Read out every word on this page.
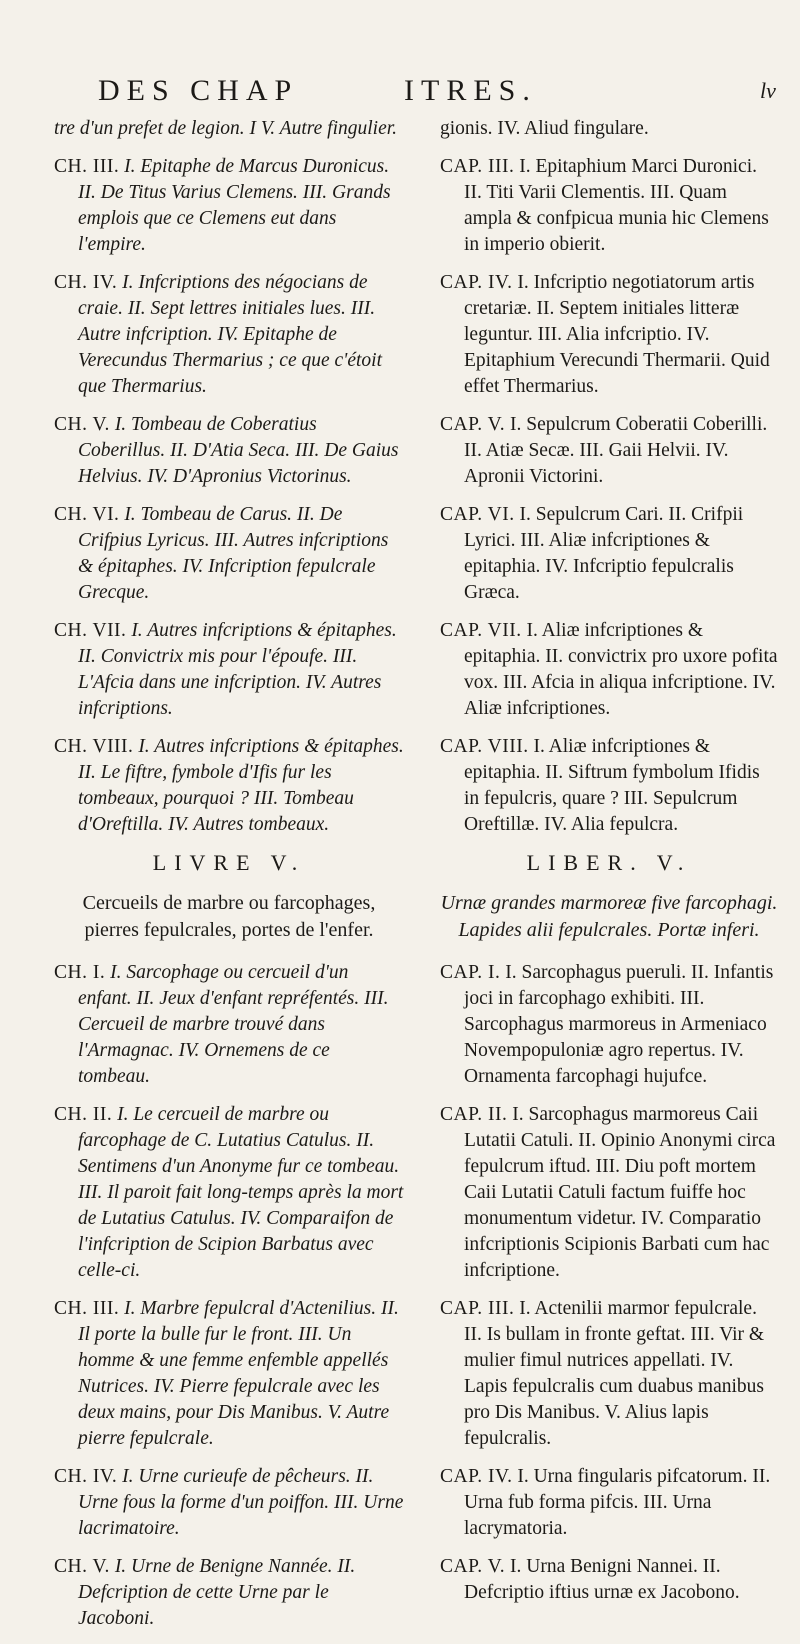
DES CHAP	ITRES.	lv
tre d'un prefet de legion. I V. Autre fingulier.
CH. III. I. Epitaphe de Marcus Duronicus. II. De Titus Varius Clemens. III. Grands emplois que ce Clemens eut dans l'empire.
CH. IV. I. Infcriptions des négocians de craie. II. Sept lettres initiales lues. III. Autre infcription. IV. Epitaphe de Verecundus Thermarius ; ce que c'étoit que Thermarius.
CH. V. I. Tombeau de Coberatius Coberillus. II. D'Atia Seca. III. De Gaius Helvius. IV. D'Apronius Victorinus.
CH. VI. I. Tombeau de Carus. II. De Crifpius Lyricus. III. Autres infcriptions & épitaphes. IV. Infcription fepulcrale Grecque.
CH. VII. I. Autres infcriptions & épitaphes. II. Convictrix mis pour l'époufe. III. L'Afcia dans une infcription. IV. Autres infcriptions.
CH. VIII. I. Autres infcriptions & épitaphes. II. Le fiftre, fymbole d'Ifis fur les tombeaux, pourquoi ? III. Tombeau d'Oreftilla. IV. Autres tombeaux.
LIVRE V.
Cercueils de marbre ou farcophages, pierres fepulcrales, portes de l'enfer.
CH. I. I. Sarcophage ou cercueil d'un enfant. II. Jeux d'enfant repréfentés. III. Cercueil de marbre trouvé dans l'Armagnac. IV. Ornemens de ce tombeau.
CH. II. I. Le cercueil de marbre ou farcophage de C. Lutatius Catulus. II. Sentimens d'un Anonyme fur ce tombeau. III. Il paroit fait long-temps après la mort de Lutatius Catulus. IV. Comparaifon de l'infcription de Scipion Barbatus avec celle-ci.
CH. III. I. Marbre fepulcral d'Actenilius. II. Il porte la bulle fur le front. III. Un homme & une femme enfemble appellés Nutrices. IV. Pierre fepulcrale avec les deux mains, pour Dis Manibus. V. Autre pierre fepulcrale.
CH. IV. I. Urne curieufe de pêcheurs. II. Urne fous la forme d'un poiffon. III. Urne lacrimatoire.
CH. V. I. Urne de Benigne Nannée. II. Defcription de cette Urne par le Jacoboni.
gionis. IV. Aliud fingulare.
CAP. III. I. Epitaphium Marci Duronici. II. Titi Varii Clementis. III. Quam ampla & confpicua munia hic Clemens in imperio obierit.
CAP. IV. I. Infcriptio negotiatorum artis cretariæ. II. Septem initiales litteræ leguntur. III. Alia infcriptio. IV. Epitaphium Verecundi Thermarii. Quid effet Thermarius.
CAP. V. I. Sepulcrum Coberatii Coberilli. II. Atiæ Secæ. III. Gaii Helvii. IV. Apronii Victorini.
CAP. VI. I. Sepulcrum Cari. II. Crifpii Lyrici. III. Aliæ infcriptiones & epitaphia. IV. Infcriptio fepulcralis Græca.
CAP. VII. I. Aliæ infcriptiones & epitaphia. II. convictrix pro uxore pofita vox. III. Afcia in aliqua infcriptione. IV. Aliæ infcriptiones.
CAP. VIII. I. Aliæ infcriptiones & epitaphia. II. Siftrum fymbolum Ifidis in fepulcris, quare ? III. Sepulcrum Oreftillæ. IV. Alia fepulcra.
LIBER. V.
Urnæ grandes marmoreæ five farcophagi. Lapides alii fepulcrales. Portæ inferi.
CAP. I. I. Sarcophagus pueruli. II. Infantis joci in farcophago exhibiti. III. Sarcophagus marmoreus in Armeniaco Novempopuloniæ agro repertus. IV. Ornamenta farcophagi hujufce.
CAP. II. I. Sarcophagus marmoreus Caii Lutatii Catuli. II. Opinio Anonymi circa fepulcrum iftud. III. Diu poft mortem Caii Lutatii Catuli factum fuiffe hoc monumentum videtur. IV. Comparatio infcriptionis Scipionis Barbati cum hac infcriptione.
CAP. III. I. Actenilii marmor fepulcrale. II. Is bullam in fronte geftat. III. Vir & mulier fimul nutrices appellati. IV. Lapis fepulcralis cum duabus manibus pro Dis Manibus. V. Alius lapis fepulcralis.
CAP. IV. I. Urna fingularis pifcatorum. II. Urna fub forma pifcis. III. Urna lacrymatoria.
CAP. V. I. Urna Benigni Nannei. II. Defcriptio iftius urnæ ex Jacobono.
